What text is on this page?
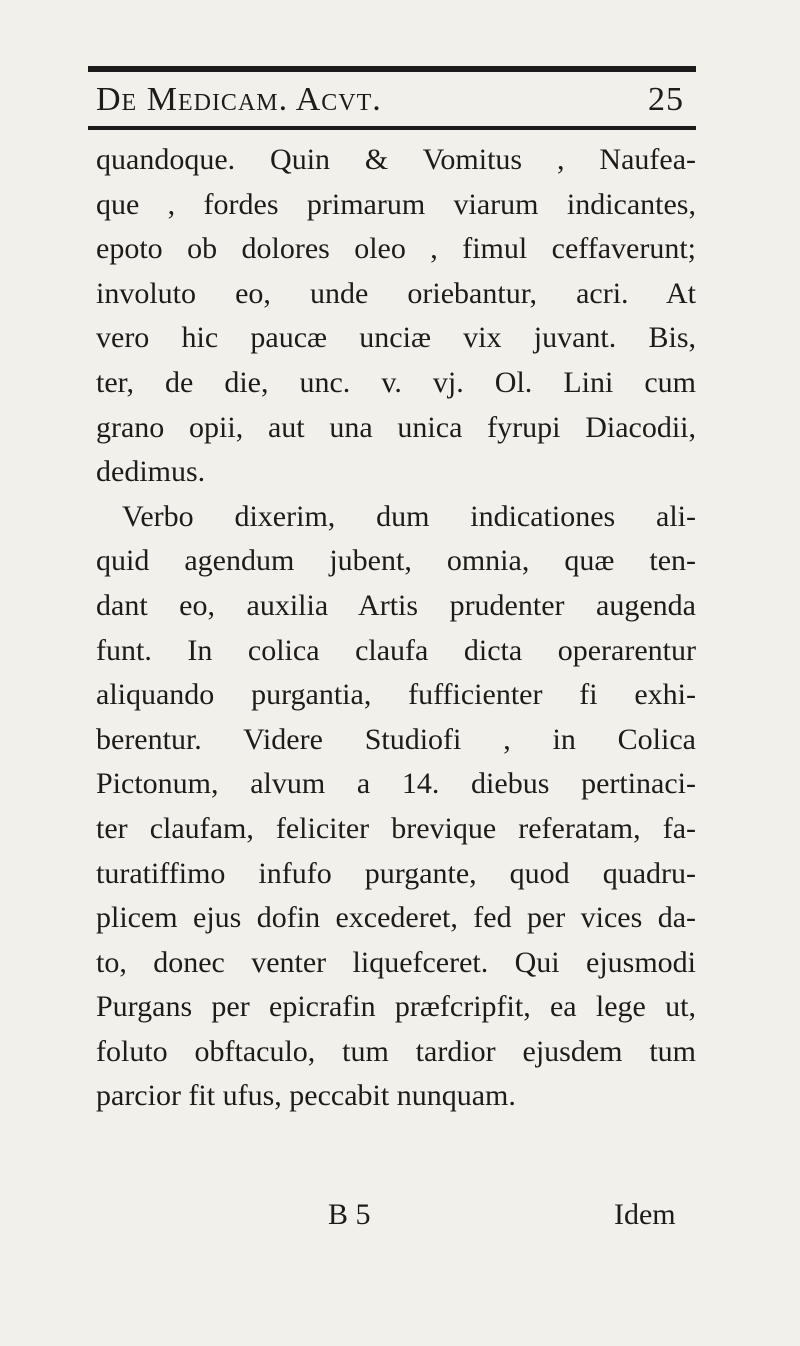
De Medicam. Acvt.	25
quandoque. Quin & Vomitus , Naufea-
que , fordes primarum viarum indicantes,
epoto ob dolores oleo , fimul ceffaverunt;
involuto eo, unde oriebantur, acri. At
vero hic paucæ unciæ vix juvant. Bis,
ter, de die, unc. v. vj. Ol. Lini cum
grano opii, aut una unica fyrupi Diacodii,
dedimus.
Verbo dixerim, dum indicationes ali-
quid agendum jubent, omnia, quæ ten-
dant eo, auxilia Artis prudenter augenda
funt. In colica claufa dicta operarentur
aliquando purgantia, fufficienter fi exhi-
berentur. Videre Studiofi , in Colica
Pictonum, alvum a 14. diebus pertinaci-
ter claufam, feliciter brevique referatam, fa-
turatiffimo infufo purgante, quod quadru-
plicem ejus dofin excederet, fed per vices da-
to, donec venter liquefceret. Qui ejusmodi
Purgans per epicrafin præfcripfit, ea lege ut,
foluto obftaculo, tum tardior ejusdem tum
parcior fit ufus, peccabit nunquam.
B 5	Idem
